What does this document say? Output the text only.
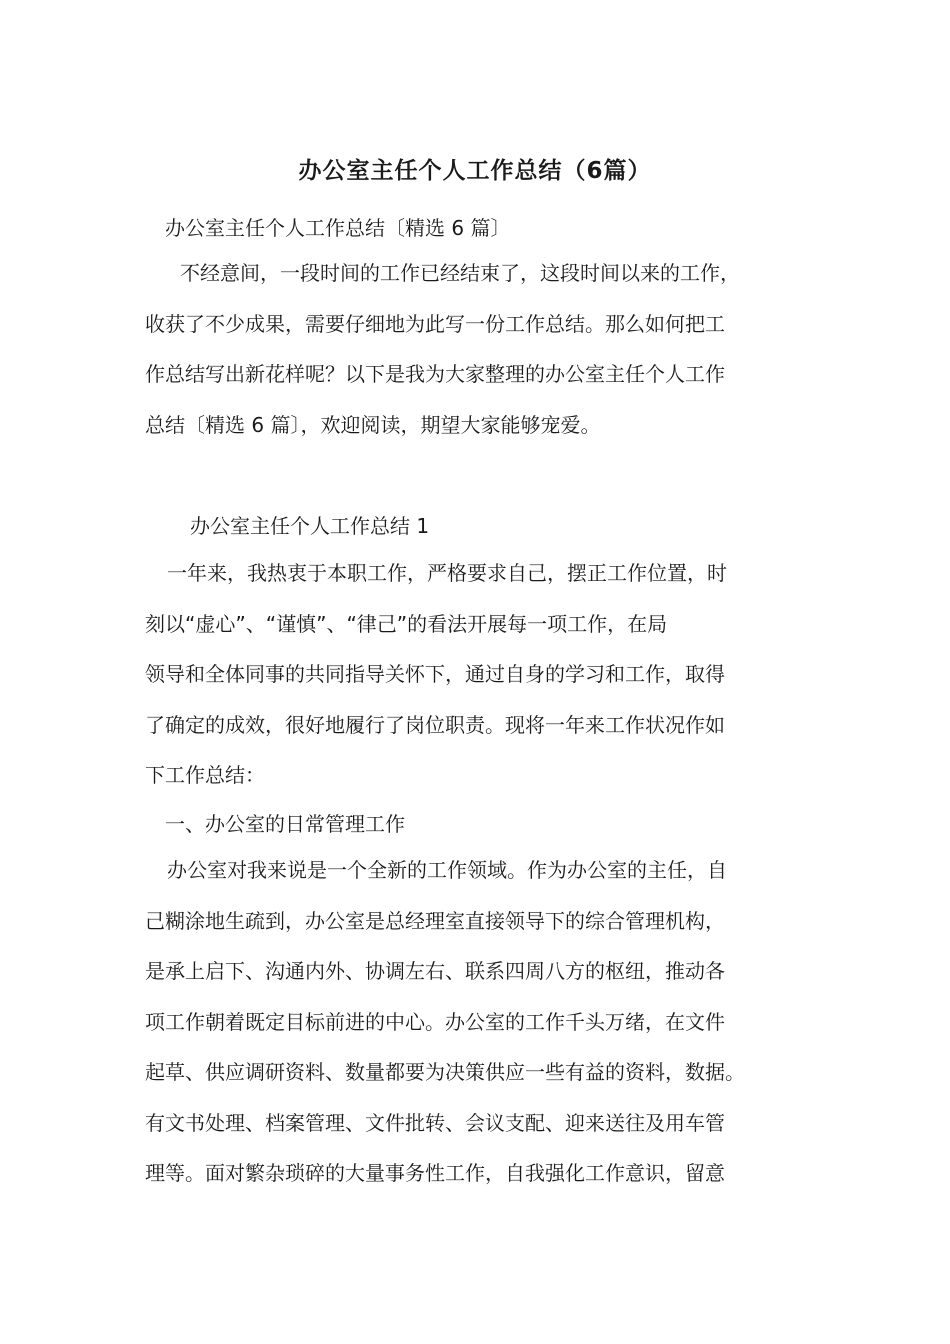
办公室主任个人工作总结（6篇）

办公室主任个人工作总结〔精选 6 篇〕

不经意间，一段时间的工作已经结束了，这段时间以来的工作，
收获了不少成果，需要仔细地为此写一份工作总结。那么如何把工
作总结写出新花样呢？以下是我为大家整理的办公室主任个人工作
总结〔精选 6 篇〕，欢迎阅读，期望大家能够宠爱。

办公室主任个人工作总结 1

一年来，我热衷于本职工作，严格要求自己，摆正工作位置，时
刻以“虚心”、“谨慎”、“律己”的看法开展每一项工作，在局
领导和全体同事的共同指导关怀下，通过自身的学习和工作，取得
了确定的成效，很好地履行了岗位职责。现将一年来工作状况作如
下工作总结：

一、办公室的日常管理工作

办公室对我来说是一个全新的工作领域。作为办公室的主任，自
己糊涂地生疏到，办公室是总经理室直接领导下的综合管理机构，
是承上启下、沟通内外、协调左右、联系四周八方的枢纽，推动各
项工作朝着既定目标前进的中心。办公室的工作千头万绪，在文件
起草、供应调研资料、数量都要为决策供应一些有益的资料，数据。
有文书处理、档案管理、文件批转、会议支配、迎来送往及用车管
理等。面对繁杂琐碎的大量事务性工作，自我强化工作意识，留意
